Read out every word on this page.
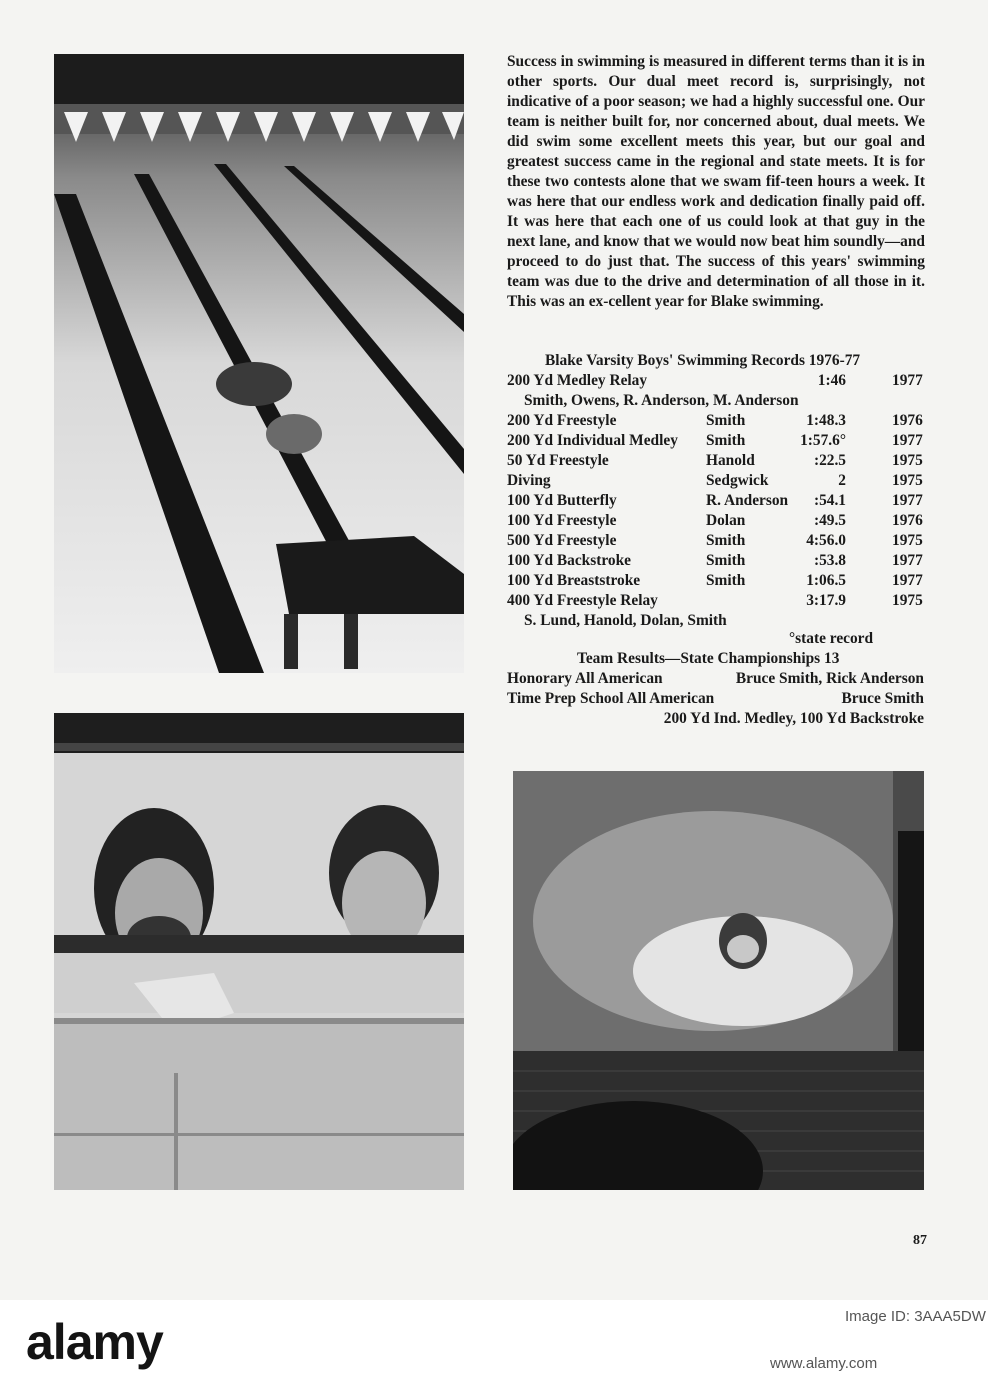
Success in swimming is measured in different terms than it is in other sports. Our dual meet record is, surprisingly, not indicative of a poor season; we had a highly successful one. Our team is neither built for, nor concerned about, dual meets. We did swim some excellent meets this year, but our goal and greatest success came in the regional and state meets. It is for these two contests alone that we swam fif-teen hours a week. It was here that our endless work and dedication finally paid off. It was here that each one of us could look at that guy in the next lane, and know that we would now beat him soundly—and proceed to do just that. The success of this years' swimming team was due to the drive and determination of all those in it. This was an ex-cellent year for Blake swimming.
Blake Varsity Boys' Swimming Records 1976-77
200 Yd Medley Relay	1:46	1977
Smith, Owens, R. Anderson, M. Anderson
200 Yd Freestyle	Smith	1:48.3	1976
200 Yd Individual Medley Smith	1:57.6°	1977
50 Yd Freestyle	Hanold	:22.5	1975
Diving	Sedgwick	2	1975
100 Yd Butterfly	R. Anderson :54.1	1977
100 Yd Freestyle	Dolan	:49.5	1976
500 Yd Freestyle	Smith	4:56.0	1975
100 Yd Backstroke	Smith	:53.8	1977
100 Yd Breaststroke	Smith	1:06.5	1977
400 Yd Freestyle Relay	3:17.9	1975
S. Lund, Hanold, Dolan, Smith
°state record
Team Results—State Championships 13
Honorary All American	Bruce Smith, Rick Anderson
Time Prep School All American	Bruce Smith
200 Yd Ind. Medley, 100 Yd Backstroke
87
alamy	Image ID: 3AAA5DW
www.alamy.com
